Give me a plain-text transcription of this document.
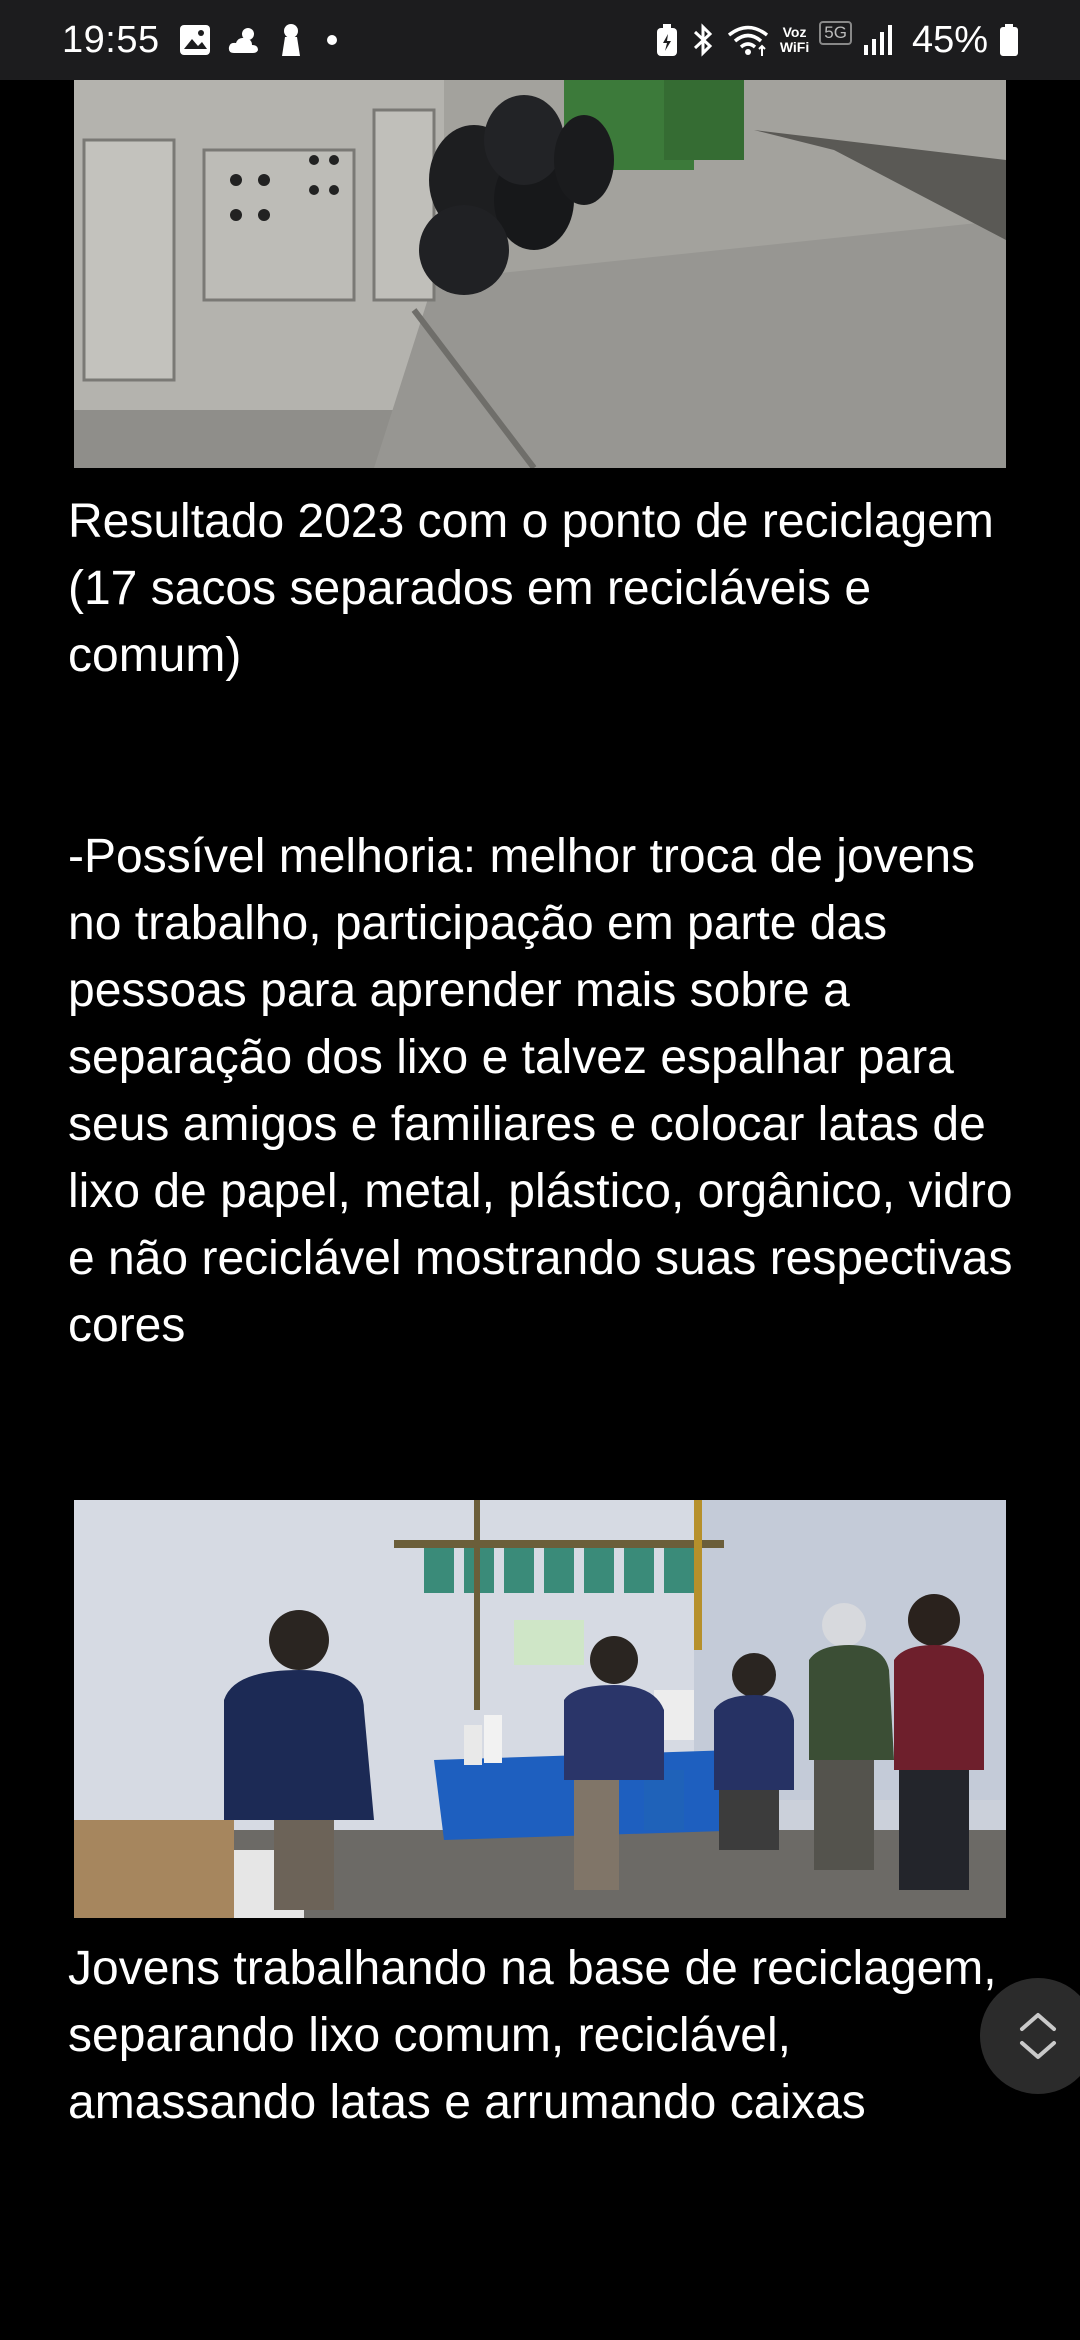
19:55	Voz
WiFi
5G 45%
Resultado 2023 com o ponto de reciclagem (17 sacos separados em recicláveis e comum)
-Possível melhoria: melhor troca de jovens no trabalho, participação em parte das pessoas para aprender mais sobre a separação dos lixo e talvez espalhar para seus amigos e familiares e colocar latas de lixo de papel, metal, plástico, orgânico, vidro e não reciclável mostrando suas respectivas cores
Jovens trabalhando na base de reciclagem, separando lixo comum, reciclável, amassando latas e arrumando caixas
